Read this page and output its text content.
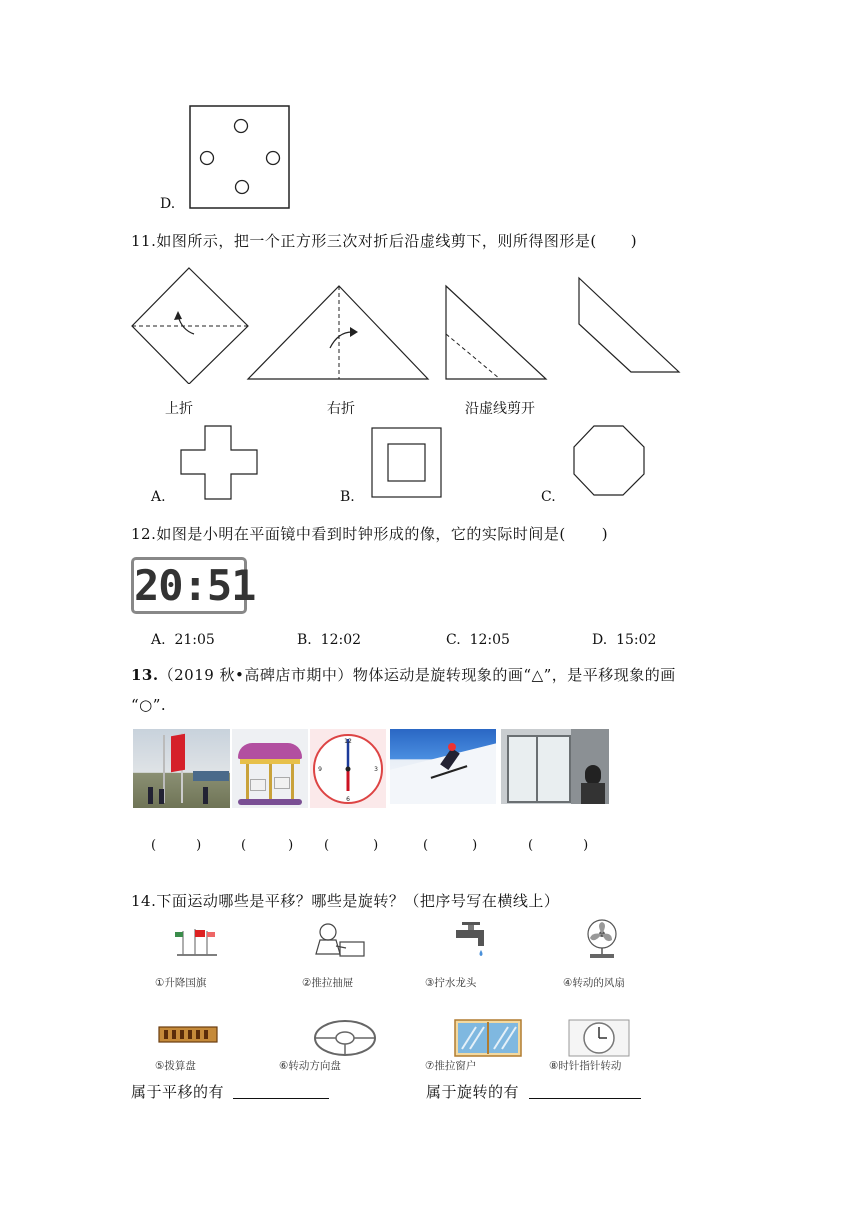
D.
11.如图所示，把一个正方形三次对折后沿虚线剪下，则所得图形是( )
上折	右折	沿虚线剪开
A.	B.	C.
12.如图是小明在平面镜中看到时钟形成的像，它的实际时间是( )
20:51
A. 21:05	B. 12:02	C. 12:05	D. 15:02
13.（2019 秋•高碑店市期中）物体运动是旋转现象的画“△”，是平移现象的画
“○”.
12
3
6
9
(	)	(	) (	)	(	)	(	)
14.下面运动哪些是平移？哪些是旋转？（把序号写在横线上）
①升降国旗	②推拉抽屉	③拧水龙头	④转动的风扇
⑤拨算盘	⑥转动方向盘	⑦推拉窗户	⑧时针指针转动
属于平移的有	属于旋转的有
